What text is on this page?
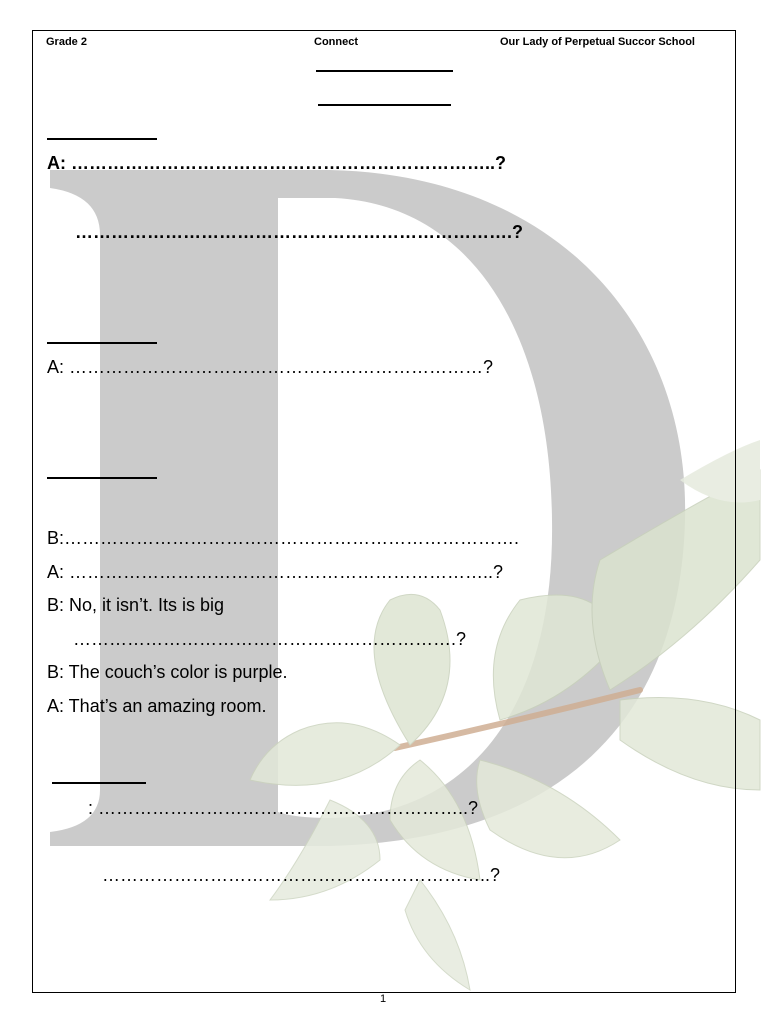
Grade 2	Connect	Our Lady of Perpetual Succor School
A: ……………………………………………………………..?
……………………………………………………………….?
A: ……………………………………………………………?
B:………………………………………………………………….
A: ……………………………………………………………..?
B: No, it isn’t. Its is big
……………………………………………………….?
B: The couch’s color is purple.
A: That’s an amazing room.
: ……………………………………………………..?
………………………………………………………..?
1
